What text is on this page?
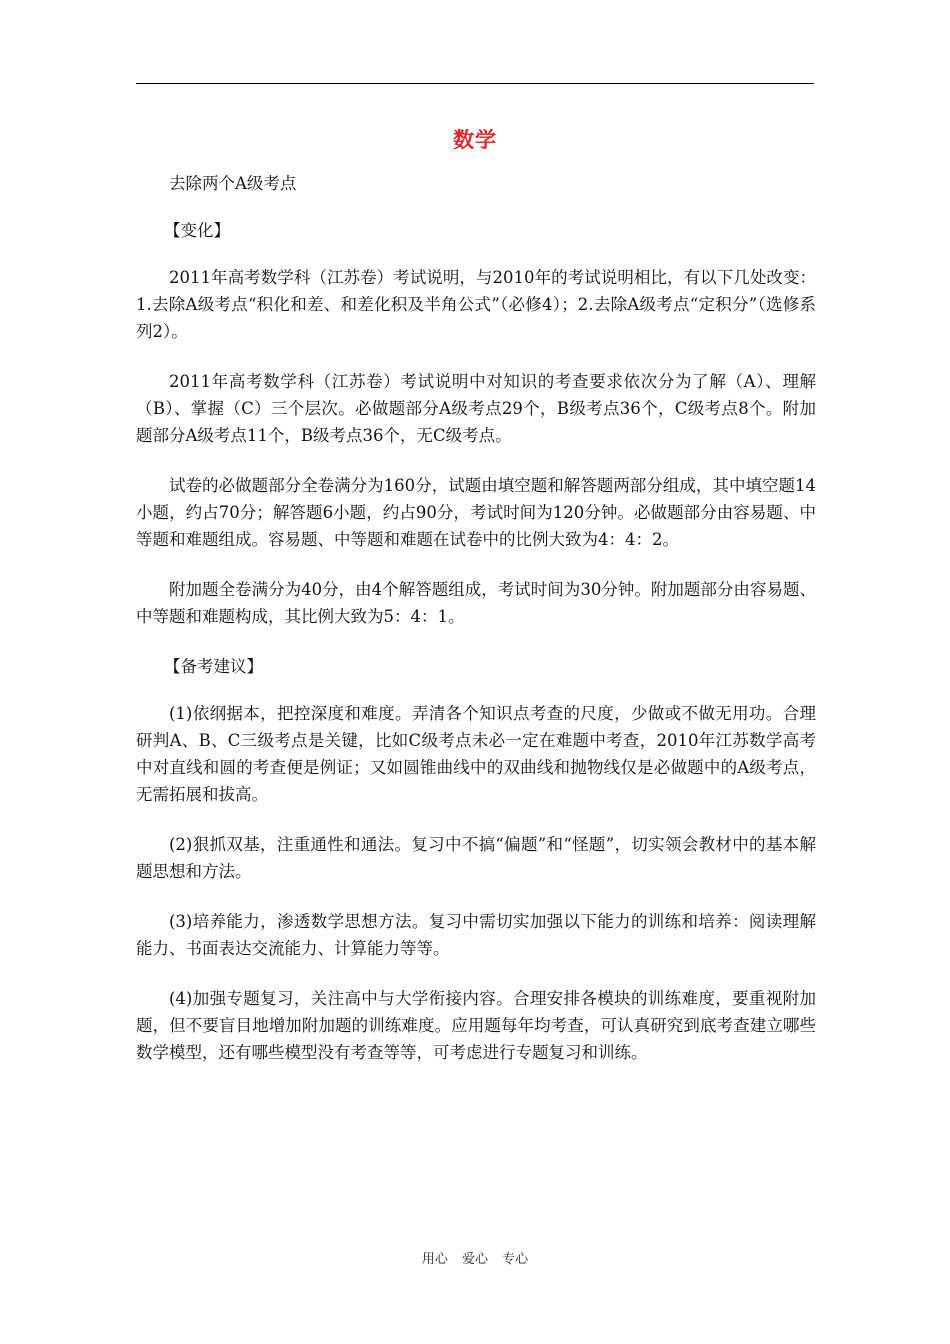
数学

去除两个A级考点

【变化】

2011年高考数学科（江苏卷）考试说明，与2010年的考试说明相比，有以下几处改变：1.去除A级考点“积化和差、和差化积及半角公式”（必修4）；2.去除A级考点“定积分”（选修系列2）。

2011年高考数学科（江苏卷）考试说明中对知识的考查要求依次分为了解（A）、理解（B）、掌握（C）三个层次。必做题部分A级考点29个，B级考点36个，C级考点8个。附加题部分A级考点11个，B级考点36个，无C级考点。

试卷的必做题部分全卷满分为160分，试题由填空题和解答题两部分组成，其中填空题14小题，约占70分；解答题6小题，约占90分，考试时间为120分钟。必做题部分由容易题、中等题和难题组成。容易题、中等题和难题在试卷中的比例大致为4：4：2。

附加题全卷满分为40分，由4个解答题组成，考试时间为30分钟。附加题部分由容易题、中等题和难题构成，其比例大致为5：4：1。

【备考建议】

(1)依纲据本，把控深度和难度。弄清各个知识点考查的尺度，少做或不做无用功。合理研判A、B、C三级考点是关键，比如C级考点未必一定在难题中考查，2010年江苏数学高考中对直线和圆的考查便是例证；又如圆锥曲线中的双曲线和抛物线仅是必做题中的A级考点，无需拓展和拔高。

(2)狠抓双基，注重通性和通法。复习中不搞“偏题”和“怪题”，切实领会教材中的基本解题思想和方法。

(3)培养能力，渗透数学思想方法。复习中需切实加强以下能力的训练和培养：阅读理解能力、书面表达交流能力、计算能力等等。

(4)加强专题复习，关注高中与大学衔接内容。合理安排各模块的训练难度，要重视附加题，但不要盲目地增加附加题的训练难度。应用题每年均考查，可认真研究到底考查建立哪些数学模型，还有哪些模型没有考查等等，可考虑进行专题复习和训练。

用心 爱心 专心
